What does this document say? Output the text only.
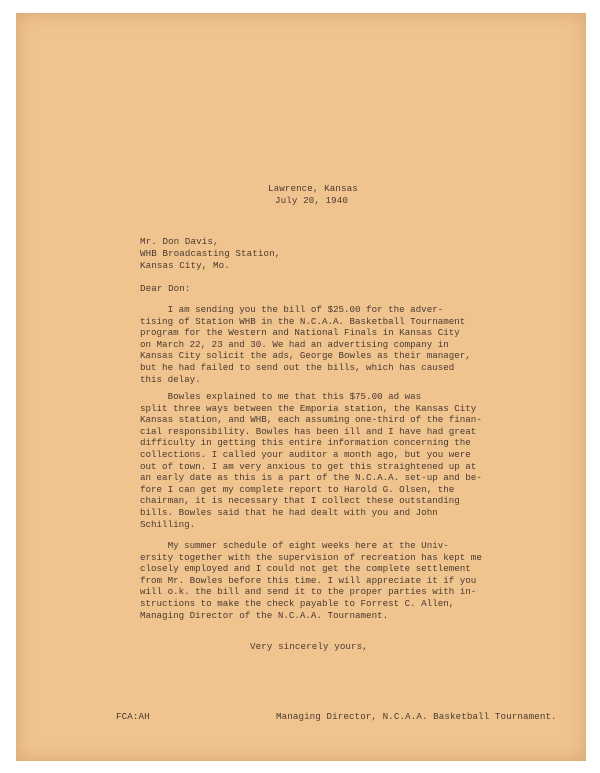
Lawrence, Kansas
July 20, 1940
Mr. Don Davis,
WHB Broadcasting Station,
Kansas City, Mo.
Dear Don:
I am sending you the bill of $25.00 for the adver-
tising of Station WHB in the N.C.A.A. Basketball Tournament
program for the Western and National Finals in Kansas City
on March 22, 23 and 30. We had an advertising company in
Kansas City solicit the ads, George Bowles as their manager,
but he had failed to send out the bills, which has caused
this delay.
Bowles explained to me that this $75.00 ad was
split three ways between the Emporia station, the Kansas City
Kansas station, and WHB, each assuming one-third of the finan-
cial responsibility. Bowles has been ill and I have had great
difficulty in getting this entire information concerning the
collections. I called your auditor a month ago, but you were
out of town. I am very anxious to get this straightened up at
an early date as this is a part of the N.C.A.A. set-up and be-
fore I can get my complete report to Harold G. Olsen, the
chairman, it is necessary that I collect these outstanding
bills. Bowles said that he had dealt with you and John
Schilling.
My summer schedule of eight weeks here at the Univ-
ersity together with the supervision of recreation has kept me
closely employed and I could not get the complete settlement
from Mr. Bowles before this time. I will appreciate it if you
will o.k. the bill and send it to the proper parties with in-
structions to make the check payable to Forrest C. Allen,
Managing Director of the N.C.A.A. Tournament.
Very sincerely yours,
FCA:AH	Managing Director, N.C.A.A. Basketball Tournament.
